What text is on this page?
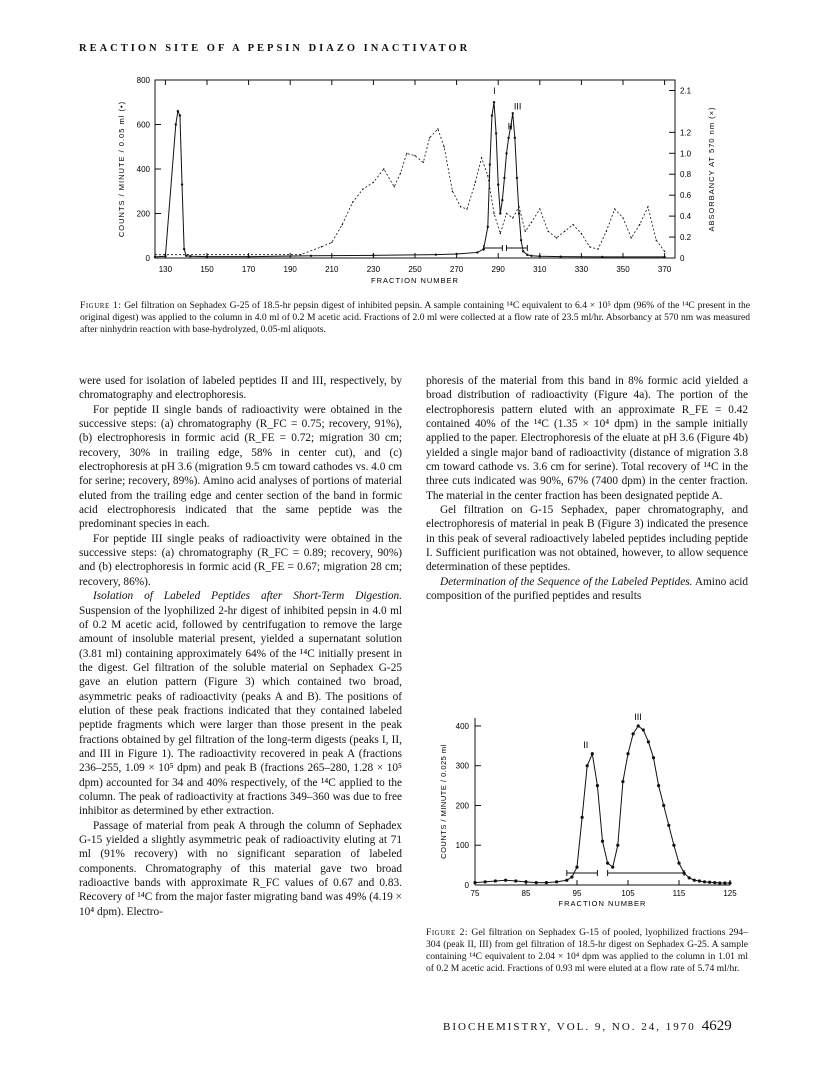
REACTION SITE OF A PEPSIN DIAZO INACTIVATOR
130	150	170	190	210	230	250	270	290	310	330	350	370
0
200
400
600
800
0
0.2
0.4
0.6
0.8
1.0
1.2
2.1
FRACTION NUMBER
COUNTS / MINUTE / 0.05 ml (•)	ABSORBANCY AT 570 nm (×)
I
II
III
Figure 1: Gel filtration on Sephadex G-25 of 18.5-hr pepsin digest of inhibited pepsin. A sample containing ¹⁴C equivalent to 6.4 × 10⁵ dpm (96% of the ¹⁴C present in the original digest) was applied to the column in 4.0 ml of 0.2 M acetic acid. Fractions of 2.0 ml were collected at a flow rate of 23.5 ml/hr. Absorbancy at 570 nm was measured after ninhydrin reaction with base-hydrolyzed, 0.05-ml aliquots.

were used for isolation of labeled peptides II and III, respectively, by chromatography and electrophoresis.

For peptide II single bands of radioactivity were obtained in the successive steps: (a) chromatography (R_FC = 0.75; recovery, 91%), (b) electrophoresis in formic acid (R_FE = 0.72; migration 30 cm; recovery, 30% in trailing edge, 58% in center cut), and (c) electrophoresis at pH 3.6 (migration 9.5 cm toward cathodes vs. 4.0 cm for serine; recovery, 89%). Amino acid analyses of portions of material eluted from the trailing edge and center section of the band in formic acid electrophoresis indicated that the same peptide was the predominant species in each.

For peptide III single peaks of radioactivity were obtained in the successive steps: (a) chromatography (R_FC = 0.89; recovery, 90%) and (b) electrophoresis in formic acid (R_FE = 0.67; migration 28 cm; recovery, 86%).

Isolation of Labeled Peptides after Short-Term Digestion. Suspension of the lyophilized 2-hr digest of inhibited pepsin in 4.0 ml of 0.2 M acetic acid, followed by centrifugation to remove the large amount of insoluble material present, yielded a supernatant solution (3.81 ml) containing approximately 64% of the ¹⁴C initially present in the digest. Gel filtration of the soluble material on Sephadex G-25 gave an elution pattern (Figure 3) which contained two broad, asymmetric peaks of radioactivity (peaks A and B). The positions of elution of these peak fractions indicated that they contained labeled peptide fragments which were larger than those present in the peak fractions obtained by gel filtration of the long-term digests (peaks I, II, and III in Figure 1). The radioactivity recovered in peak A (fractions 236–255, 1.09 × 10⁵ dpm) and peak B (fractions 265–280, 1.28 × 10⁵ dpm) accounted for 34 and 40% respectively, of the ¹⁴C applied to the column. The peak of radioactivity at fractions 349–360 was due to free inhibitor as determined by ether extraction.

Passage of material from peak A through the column of Sephadex G-15 yielded a slightly asymmetric peak of radioactivity eluting at 71 ml (91% recovery) with no significant separation of labeled components. Chromatography of this material gave two broad radioactive bands with approximate R_FC values of 0.67 and 0.83. Recovery of ¹⁴C from the major faster migrating band was 49% (4.19 × 10⁴ dpm). Electro-

phoresis of the material from this band in 8% formic acid yielded a broad distribution of radioactivity (Figure 4a). The portion of the electrophoresis pattern eluted with an approximate R_FE = 0.42 contained 40% of the ¹⁴C (1.35 × 10⁴ dpm) in the sample initially applied to the paper. Electrophoresis of the eluate at pH 3.6 (Figure 4b) yielded a single major band of radioactivity (distance of migration 3.8 cm toward cathode vs. 3.6 cm for serine). Total recovery of ¹⁴C in the three cuts indicated was 90%, 67% (7400 dpm) in the center fraction. The material in the center fraction has been designated peptide A.

Gel filtration on G-15 Sephadex, paper chromatography, and electrophoresis of material in peak B (Figure 3) indicated the presence in this peak of several radioactively labeled peptides including peptide I. Sufficient purification was not obtained, however, to allow sequence determination of these peptides.

Determination of the Sequence of the Labeled Peptides. Amino acid composition of the purified peptides and results

75	85	95	105	115	125
0
100
200
300
400
FRACTION NUMBER
COUNTS / MINUTE / 0.025 ml	II
III
Figure 2: Gel filtration on Sephadex G-15 of pooled, lyophilized fractions 294–304 (peak II, III) from gel filtration of 18.5-hr digest on Sephadex G-25. A sample containing ¹⁴C equivalent to 2.04 × 10⁴ dpm was applied to the column in 1.01 ml of 0.2 M acetic acid. Fractions of 0.93 ml were eluted at a flow rate of 5.74 ml/hr.
BIOCHEMISTRY, VOL. 9, NO. 24, 1970 4629
